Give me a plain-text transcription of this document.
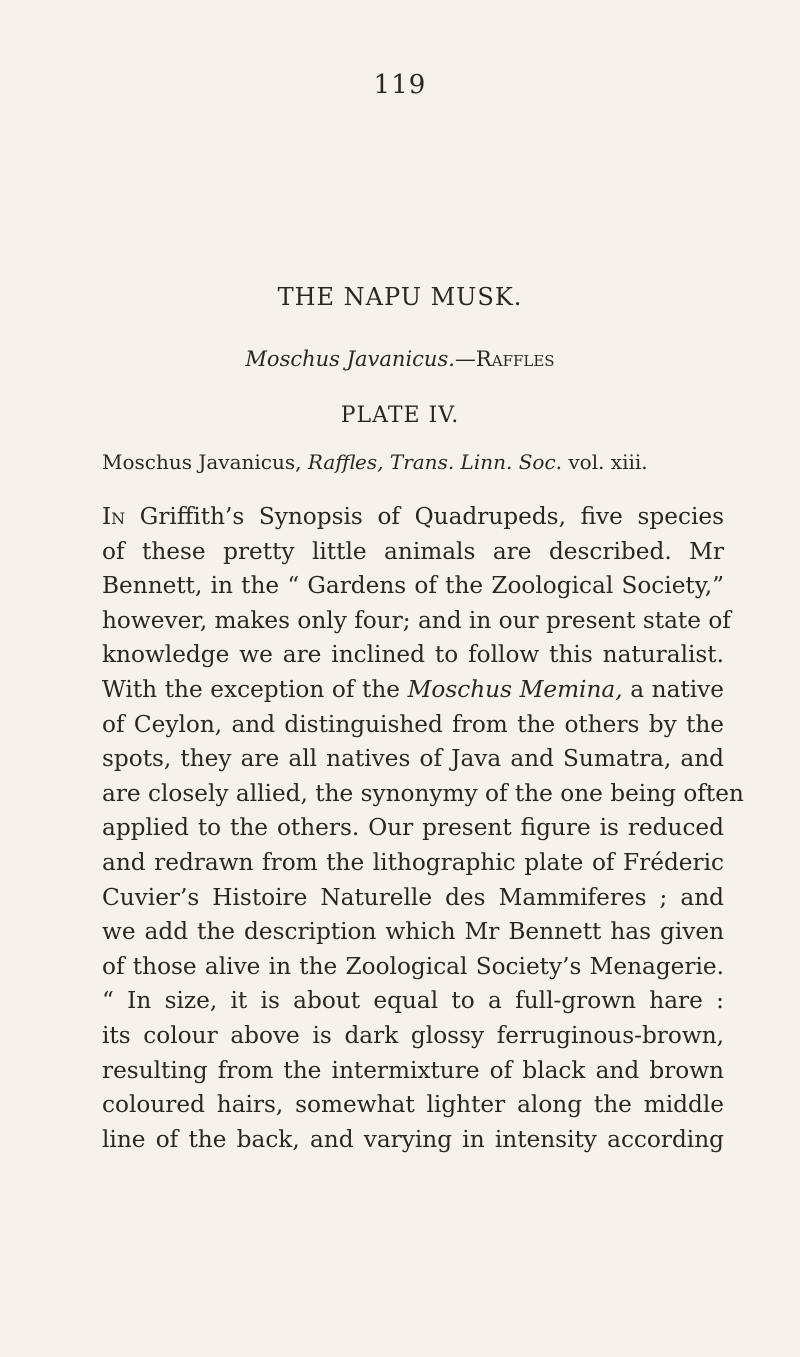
119
THE NAPU MUSK.
Moschus Javanicus.—Raffles
PLATE IV.
Moschus Javanicus, Raffles, Trans. Linn. Soc. vol. xiii.
In Griffith’s Synopsis of Quadrupeds, five species
of these pretty little animals are described. Mr
Bennett, in the “ Gardens of the Zoological Society,”
however, makes only four; and in our present state of
knowledge we are inclined to follow this naturalist.
With the exception of the Moschus Memina, a native
of Ceylon, and distinguished from the others by the
spots, they are all natives of Java and Sumatra, and
are closely allied, the synonymy of the one being often
applied to the others. Our present figure is reduced
and redrawn from the lithographic plate of Fréderic
Cuvier’s Histoire Naturelle des Mammiferes ; and
we add the description which Mr Bennett has given
of those alive in the Zoological Society’s Menagerie.
“ In size, it is about equal to a full-grown hare :
its colour above is dark glossy ferruginous-brown,
resulting from the intermixture of black and brown
coloured hairs, somewhat lighter along the middle
line of the back, and varying in intensity according
